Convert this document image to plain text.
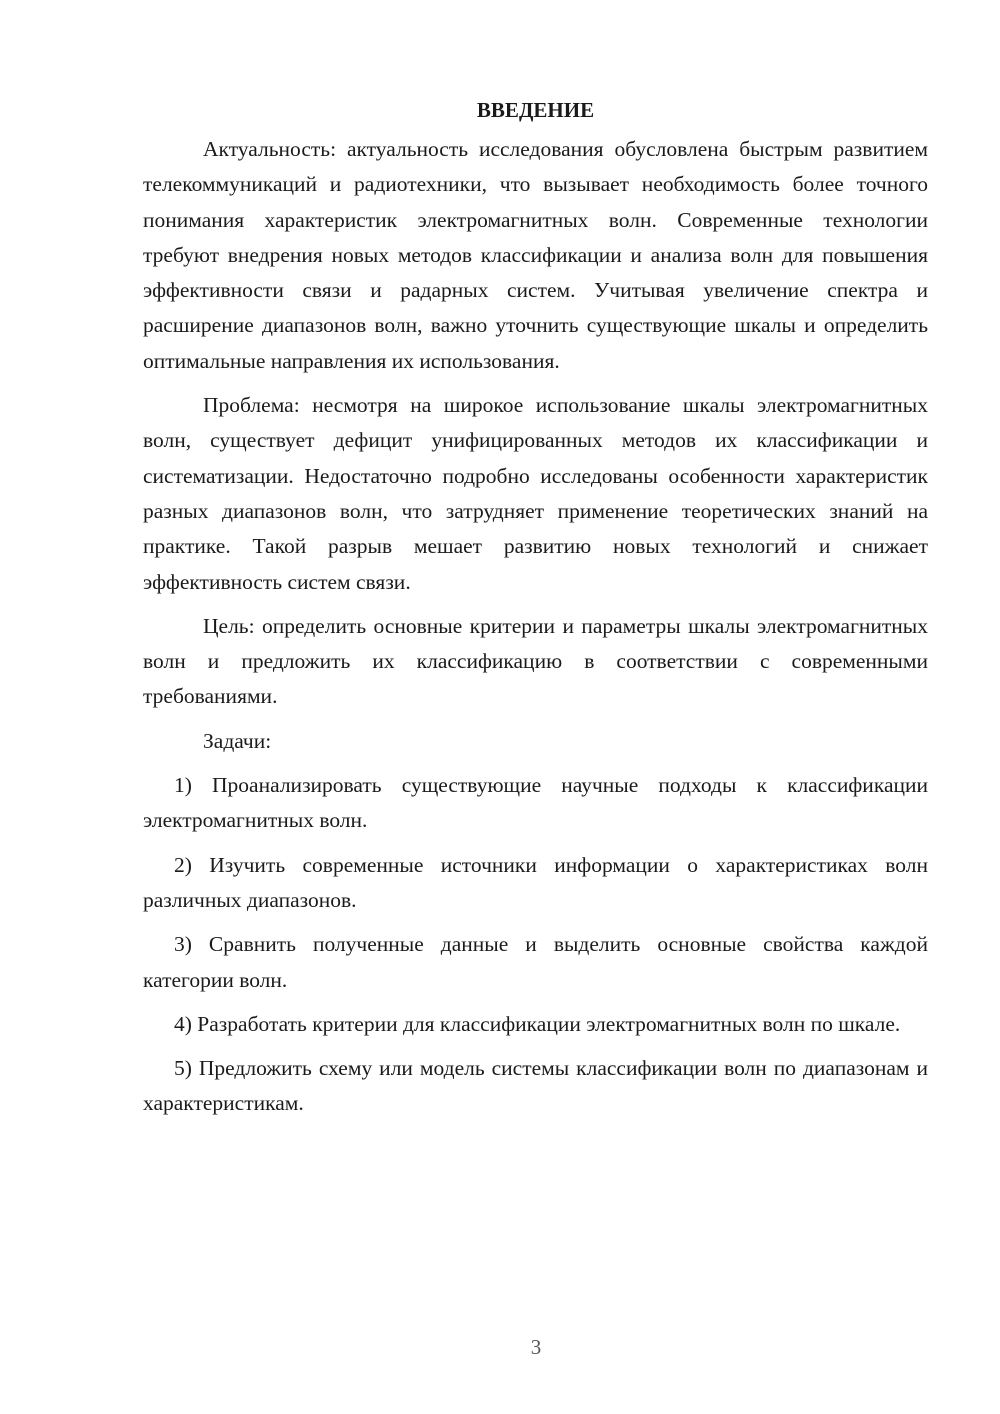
ВВЕДЕНИЕ

Актуальность: актуальность исследования обусловлена быстрым развитием телекоммуникаций и радиотехники, что вызывает необходимость более точного понимания характеристик электромагнитных волн. Современные технологии требуют внедрения новых методов классификации и анализа волн для повышения эффективности связи и радарных систем. Учитывая увеличение спектра и расширение диапазонов волн, важно уточнить существующие шкалы и определить оптимальные направления их использования.

Проблема: несмотря на широкое использование шкалы электромагнитных волн, существует дефицит унифицированных методов их классификации и систематизации. Недостаточно подробно исследованы особенности характеристик разных диапазонов волн, что затрудняет применение теоретических знаний на практике. Такой разрыв мешает развитию новых технологий и снижает эффективность систем связи.

Цель: определить основные критерии и параметры шкалы электромагнитных волн и предложить их классификацию в соответствии с современными требованиями.

Задачи:

1) Проанализировать существующие научные подходы к классификации электромагнитных волн.

2) Изучить современные источники информации о характеристиках волн различных диапазонов.

3) Сравнить полученные данные и выделить основные свойства каждой категории волн.

4) Разработать критерии для классификации электромагнитных волн по шкале.

5) Предложить схему или модель системы классификации волн по диапазонам и характеристикам.

3
